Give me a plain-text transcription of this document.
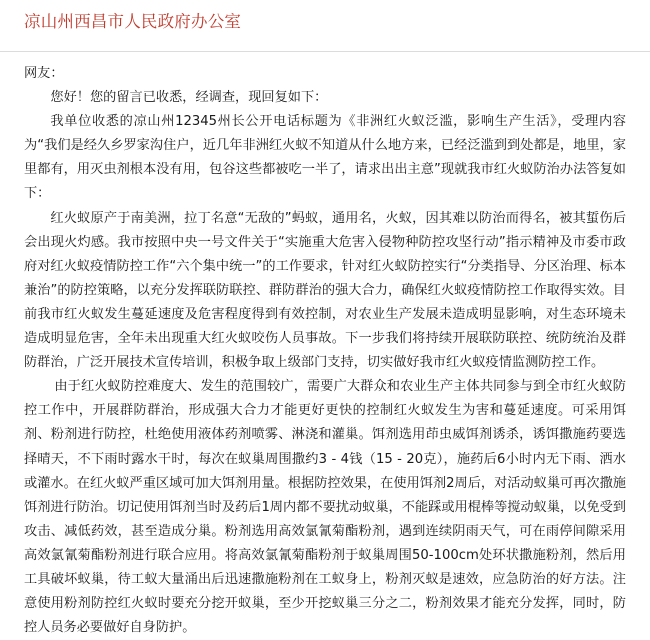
凉山州西昌市人民政府办公室

网友：

您好！您的留言已收悉，经调查，现回复如下：

我单位收悉的凉山州12345州长公开电话标题为《非洲红火蚁泛滥，影响生产生活》，受理内容为“我们是经久乡罗家沟住户，近几年非洲红火蚁不知道从什么地方来，已经泛滥到到处都是，地里，家里都有，用灭虫剂根本没有用，包谷这些都被吃一半了，请求出出主意”现就我市红火蚁防治办法答复如下：

红火蚁原产于南美洲，拉丁名意“无敌的”蚂蚁，通用名，火蚁，因其难以防治而得名，被其蜇伤后会出现火灼感。我市按照中央一号文件关于“实施重大危害入侵物种防控攻坚行动”指示精神及市委市政府对红火蚁疫情防控工作“六个集中统一”的工作要求，针对红火蚁防控实行“分类指导、分区治理、标本兼治”的防控策略，以充分发挥联防联控、群防群治的强大合力，确保红火蚁疫情防控工作取得实效。目前我市红火蚁发生蔓延速度及危害程度得到有效控制，对农业生产发展未造成明显影响，对生态环境未造成明显危害，全年未出现重大红火蚁咬伤人员事故。下一步我们将持续开展联防联控、统防统治及群防群治，广泛开展技术宣传培训，积极争取上级部门支持，切实做好我市红火蚁疫情监测防控工作。

由于红火蚁防控难度大、发生的范围较广，需要广大群众和农业生产主体共同参与到全市红火蚁防控工作中，开展群防群治，形成强大合力才能更好更快的控制红火蚁发生为害和蔓延速度。可采用饵剂、粉剂进行防控，杜绝使用液体药剂喷雾、淋浇和灌巢。饵剂选用茚虫威饵剂诱杀，诱饵撒施药要选择晴天，不下雨时露水干时，每次在蚁巢周围撒约3 - 4钱（15 - 20克），施药后6小时内无下雨、洒水或灌水。在红火蚁严重区域可加大饵剂用量。根据防控效果，在使用饵剂2周后，对活动蚁巢可再次撒施饵剂进行防治。切记使用饵剂当时及药后1周内都不要扰动蚁巢，不能踩或用棍棒等搅动蚁巢，以免受到攻击、减低药效，甚至造成分巢。粉剂选用高效氯氰菊酯粉剂，遇到连续阴雨天气，可在雨停间隙采用高效氯氰菊酯粉剂进行联合应用。将高效氯氰菊酯粉剂于蚁巢周围50-100cm处环状撒施粉剂，然后用工具破坏蚁巢，待工蚁大量涌出后迅速撒施粉剂在工蚁身上，粉剂灭蚁是速效，应急防治的好方法。注意使用粉剂防控红火蚁时要充分挖开蚁巢，至少开挖蚁巢三分之二，粉剂效果才能充分发挥，同时，防控人员务必要做好自身防护。
